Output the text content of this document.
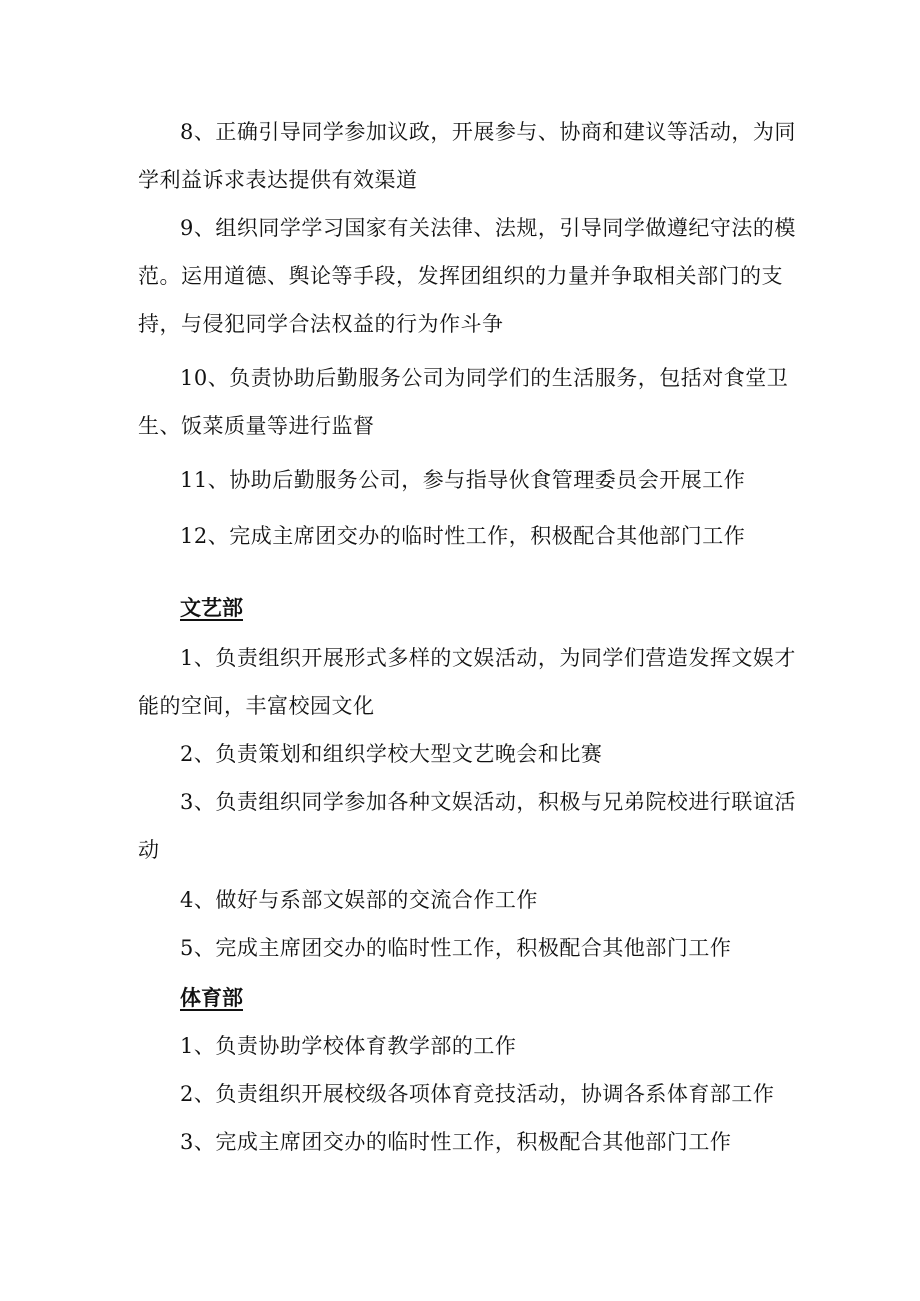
8、正确引导同学参加议政，开展参与、协商和建议等活动，为同学利益诉求表达提供有效渠道

9、组织同学学习国家有关法律、法规，引导同学做遵纪守法的模范。运用道德、舆论等手段，发挥团组织的力量并争取相关部门的支持，与侵犯同学合法权益的行为作斗争

10、负责协助后勤服务公司为同学们的生活服务，包括对食堂卫生、饭菜质量等进行监督

11、协助后勤服务公司，参与指导伙食管理委员会开展工作

12、完成主席团交办的临时性工作，积极配合其他部门工作

文艺部

1、负责组织开展形式多样的文娱活动，为同学们营造发挥文娱才能的空间，丰富校园文化

2、负责策划和组织学校大型文艺晚会和比赛

3、负责组织同学参加各种文娱活动，积极与兄弟院校进行联谊活动

4、做好与系部文娱部的交流合作工作

5、完成主席团交办的临时性工作，积极配合其他部门工作

体育部

1、负责协助学校体育教学部的工作

2、负责组织开展校级各项体育竞技活动，协调各系体育部工作

3、完成主席团交办的临时性工作，积极配合其他部门工作
